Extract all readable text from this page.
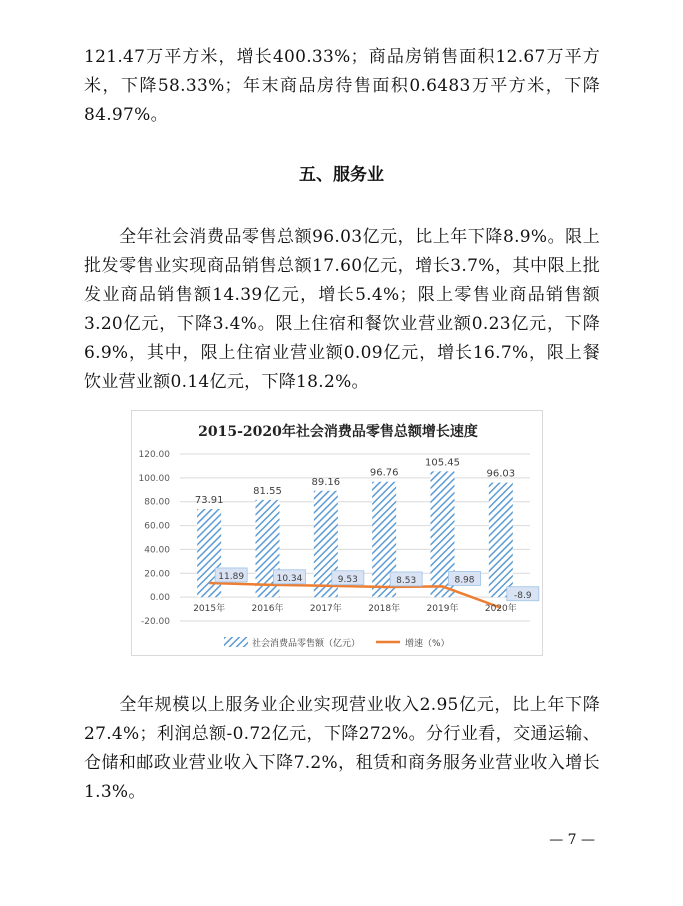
121.47万平方米，增长400.33%；商品房销售面积12.67万平方米，下降58.33%；年末商品房待售面积0.6483万平方米，下降84.97%。

五、服务业

　　全年社会消费品零售总额96.03亿元，比上年下降8.9%。限上批发零售业实现商品销售总额17.60亿元，增长3.7%，其中限上批发业商品销售额14.39亿元，增长5.4%；限上零售业商品销售额3.20亿元，下降3.4%。限上住宿和餐饮业营业额0.23亿元，下降6.9%，其中，限上住宿业营业额0.09亿元，增长16.7%，限上餐饮业营业额0.14亿元，下降18.2%。

2015-2020年社会消费品零售总额增长速度
120.00
100.00
80.00
60.00
40.00
20.00
0.00
-20.00
73.91
81.55
89.16
96.76
105.45
96.03
2015年	2016年	2017年	2018年	2019年	2020年
11.89	10.34	9.53	8.53	8.98
-8.9
社会消费品零售额（亿元）	增速（%）

　　全年规模以上服务业企业实现营业收入2.95亿元，比上年下降27.4%；利润总额-0.72亿元，下降272%。分行业看，交通运输、仓储和邮政业营业收入下降7.2%，租赁和商务服务业营业收入增长1.3%。

— 7 —
